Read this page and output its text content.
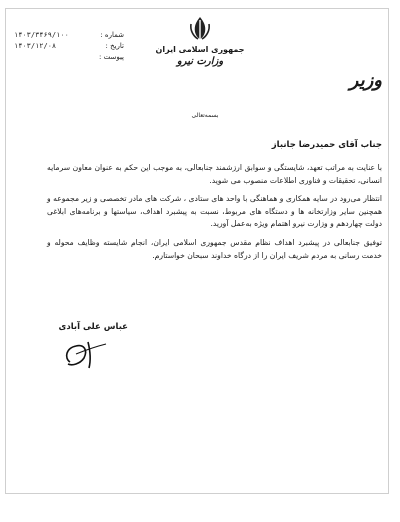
شماره :
۱۴۰۳/۳۴۶۹/۱۰۰
تاریخ :
۱۴۰۳/۱۲/۰۸
پیوست :
جمهوری اسلامی ایران
وزارت نیرو
وزیر
بسمه‌تعالی
جناب آقای حمیدرضا جانباز

با عنایت به مراتب تعهد، شایستگی و سوابق ارزشمند جنابعالی، به موجب این حکم به عنوان معاون سرمایه انسانی، تحقیقات و فناوری اطلاعات منصوب می شوید.

انتظار می‌رود در سایه همکاری و هماهنگی با واحد های ستادی ، شرکت های مادر تخصصی و زیر مجموعه و همچنین سایر وزارتخانه ها و دستگاه های مربوط، نسبت به پیشبرد اهداف، سیاستها و برنامه‌های ابلاغی دولت چهاردهم و وزارت نیرو اهتمام ویژه به‌عمل آورید.

توفیق جنابعالی در پیشبرد اهداف نظام مقدس جمهوری اسلامی ایران، انجام شایسته وظایف محوله و خدمت رسانی به مردم شریف ایران را از درگاه خداوند سبحان خواستارم.

عباس علی آبادی
